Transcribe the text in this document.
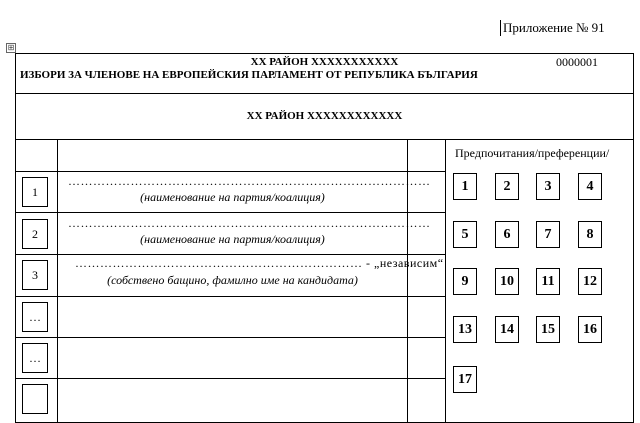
Приложение № 91
⊞
XX РАЙОН XXXXXXXXXXX
ИЗБОРИ ЗА ЧЛЕНОВЕ НА ЕВРОПЕЙСКИЯ ПАРЛАМЕНТ ОТ РЕПУБЛИКА БЪЛГАРИЯ
0000001
XX РАЙОН XXXXXXXXXXXX
Предпочитания/преференции/
1
……………………………………………………………………………
(наименование на партия/коалиция)
2
……………………………………………………………………………
(наименование на партия/коалиция)
3
…………………………………………………………… - „независим“
(собствено бащино, фамилно име на кандидата)
…
…
1	2	3	4
5	6	7	8
9	10	11	12
13	14	15	16
17
